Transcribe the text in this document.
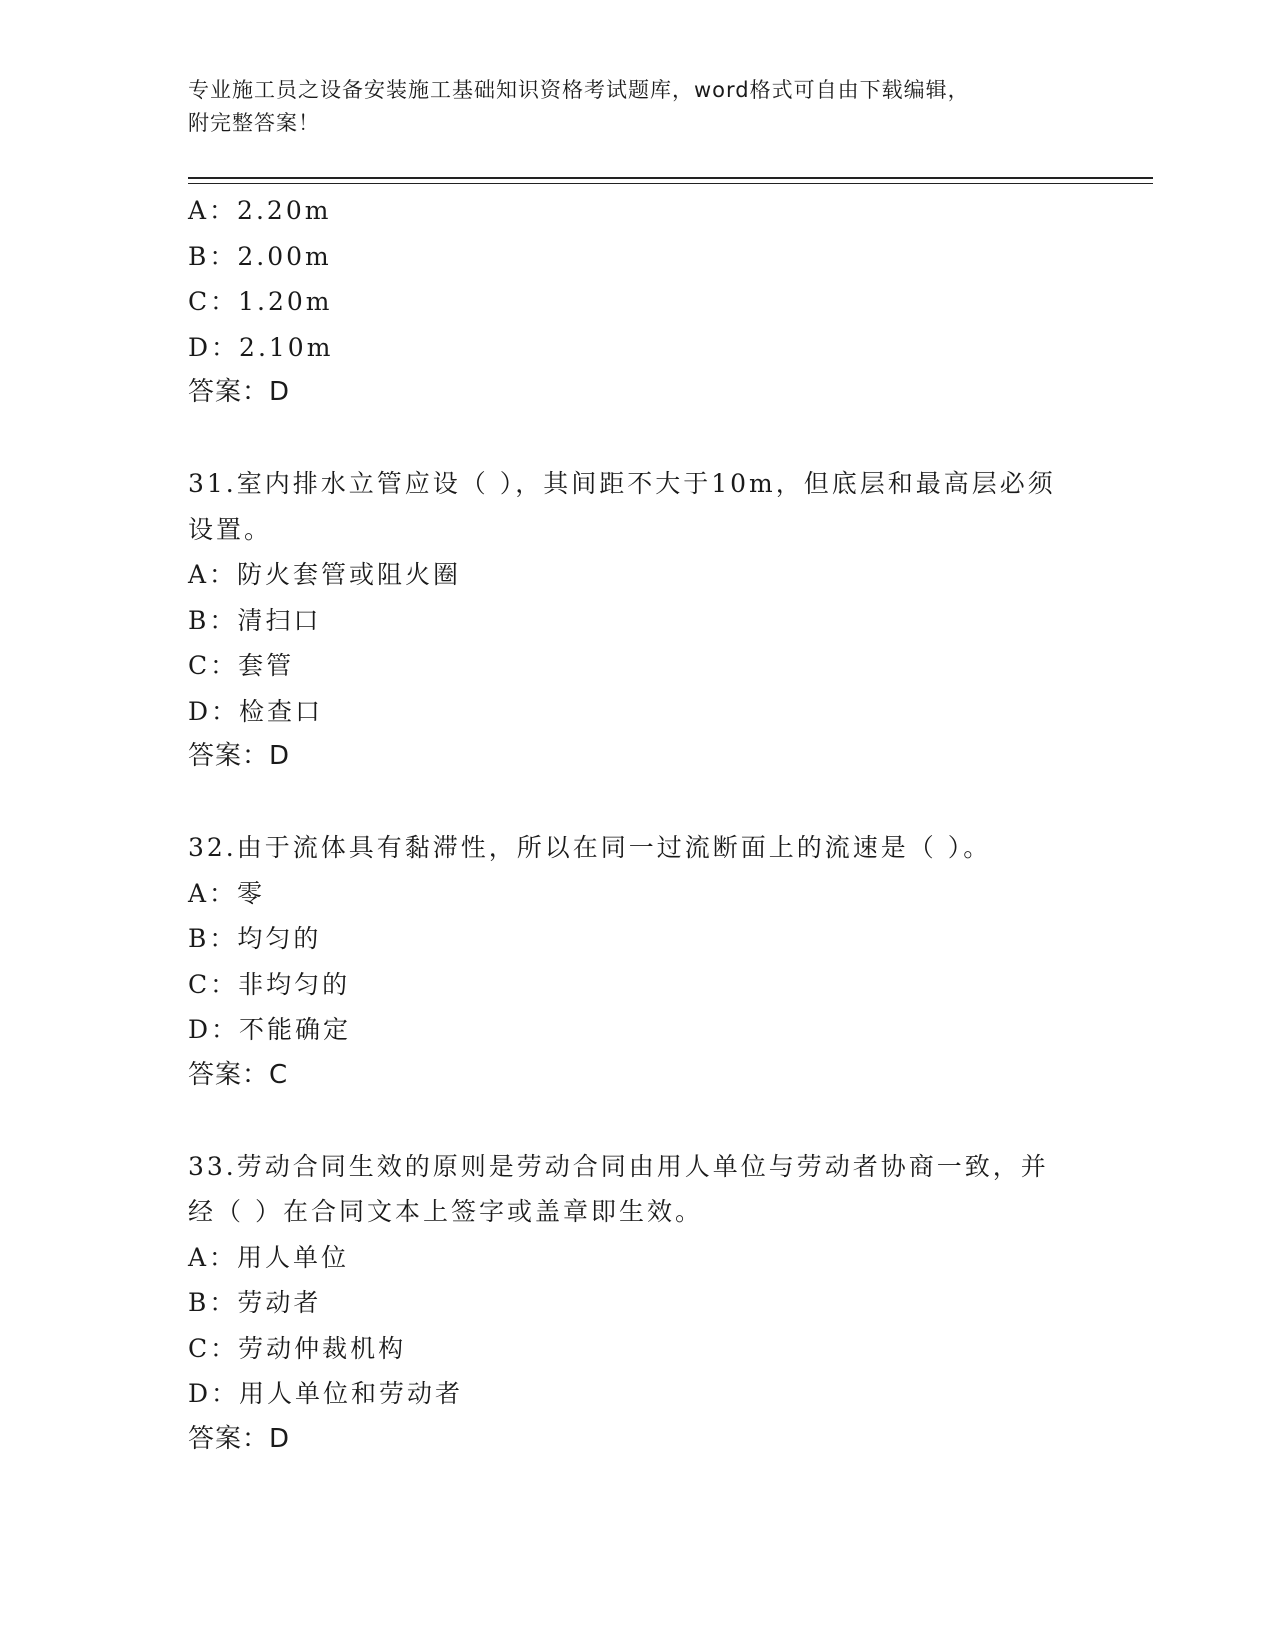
专业施工员之设备安装施工基础知识资格考试题库，word格式可自由下载编辑，
附完整答案！
A：2.20m
B：2.00m
C：1.20m
D：2.10m
答案：D
31.室内排水立管应设（ ），其间距不大于10m，但底层和最高层必须
设置。
A：防火套管或阻火圈
B：清扫口
C：套管
D：检查口
答案：D
32.由于流体具有黏滞性，所以在同一过流断面上的流速是（ ）。
A：零
B：均匀的
C：非均匀的
D：不能确定
答案：C
33.劳动合同生效的原则是劳动合同由用人单位与劳动者协商一致，并
经（ ）在合同文本上签字或盖章即生效。
A：用人单位
B：劳动者
C：劳动仲裁机构
D：用人单位和劳动者
答案：D
